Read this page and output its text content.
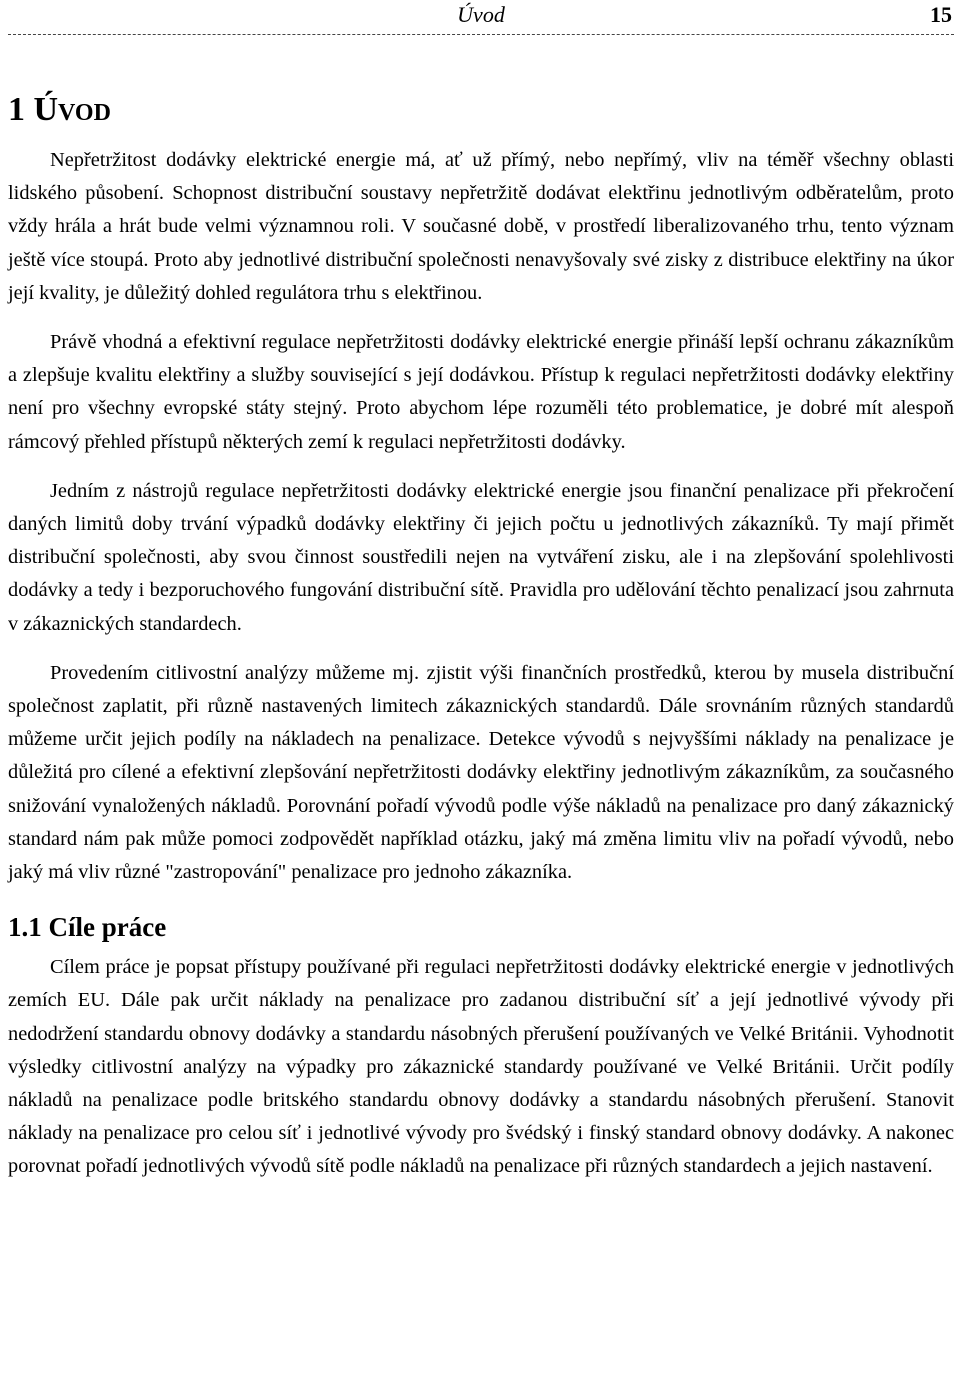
Úvod	15
1 Úvod

Nepřetržitost dodávky elektrické energie má, ať už přímý, nebo nepřímý, vliv na téměř všechny oblasti lidského působení. Schopnost distribuční soustavy nepřetržitě dodávat elektřinu jednotlivým odběratelům, proto vždy hrála a hrát bude velmi významnou roli. V současné době, v prostředí liberalizovaného trhu, tento význam ještě více stoupá. Proto aby jednotlivé distribuční společnosti nenavyšovaly své zisky z distribuce elektřiny na úkor její kvality, je důležitý dohled regulátora trhu s elektřinou.

Právě vhodná a efektivní regulace nepřetržitosti dodávky elektrické energie přináší lepší ochranu zákazníkům a zlepšuje kvalitu elektřiny a služby související s její dodávkou. Přístup k regulaci nepřetržitosti dodávky elektřiny není pro všechny evropské státy stejný. Proto abychom lépe rozuměli této problematice, je dobré mít alespoň rámcový přehled přístupů některých zemí k regulaci nepřetržitosti dodávky.

Jedním z nástrojů regulace nepřetržitosti dodávky elektrické energie jsou finanční penalizace při překročení daných limitů doby trvání výpadků dodávky elektřiny či jejich počtu u jednotlivých zákazníků. Ty mají přimět distribuční společnosti, aby svou činnost soustředili nejen na vytváření zisku, ale i na zlepšování spolehlivosti dodávky a tedy i bezporuchového fungování distribuční sítě. Pravidla pro udělování těchto penalizací jsou zahrnuta v zákaznických standardech.

Provedením citlivostní analýzy můžeme mj. zjistit výši finančních prostředků, kterou by musela distribuční společnost zaplatit, při různě nastavených limitech zákaznických standardů. Dále srovnáním různých standardů můžeme určit jejich podíly na nákladech na penalizace. Detekce vývodů s nejvyššími náklady na penalizace je důležitá pro cílené a efektivní zlepšování nepřetržitosti dodávky elektřiny jednotlivým zákazníkům, za současného snižování vynaložených nákladů. Porovnání pořadí vývodů podle výše nákladů na penalizace pro daný zákaznický standard nám pak může pomoci zodpovědět například otázku, jaký má změna limitu vliv na pořadí vývodů, nebo jaký má vliv různé "zastropování" penalizace pro jednoho zákazníka.

1.1 Cíle práce

Cílem práce je popsat přístupy používané při regulaci nepřetržitosti dodávky elektrické energie v jednotlivých zemích EU. Dále pak určit náklady na penalizace pro zadanou distribuční síť a její jednotlivé vývody při nedodržení standardu obnovy dodávky a standardu násobných přerušení používaných ve Velké Británii. Vyhodnotit výsledky citlivostní analýzy na výpadky pro zákaznické standardy používané ve Velké Británii. Určit podíly nákladů na penalizace podle britského standardu obnovy dodávky a standardu násobných přerušení. Stanovit náklady na penalizace pro celou síť i jednotlivé vývody pro švédský i finský standard obnovy dodávky. A nakonec porovnat pořadí jednotlivých vývodů sítě podle nákladů na penalizace při různých standardech a jejich nastavení.
